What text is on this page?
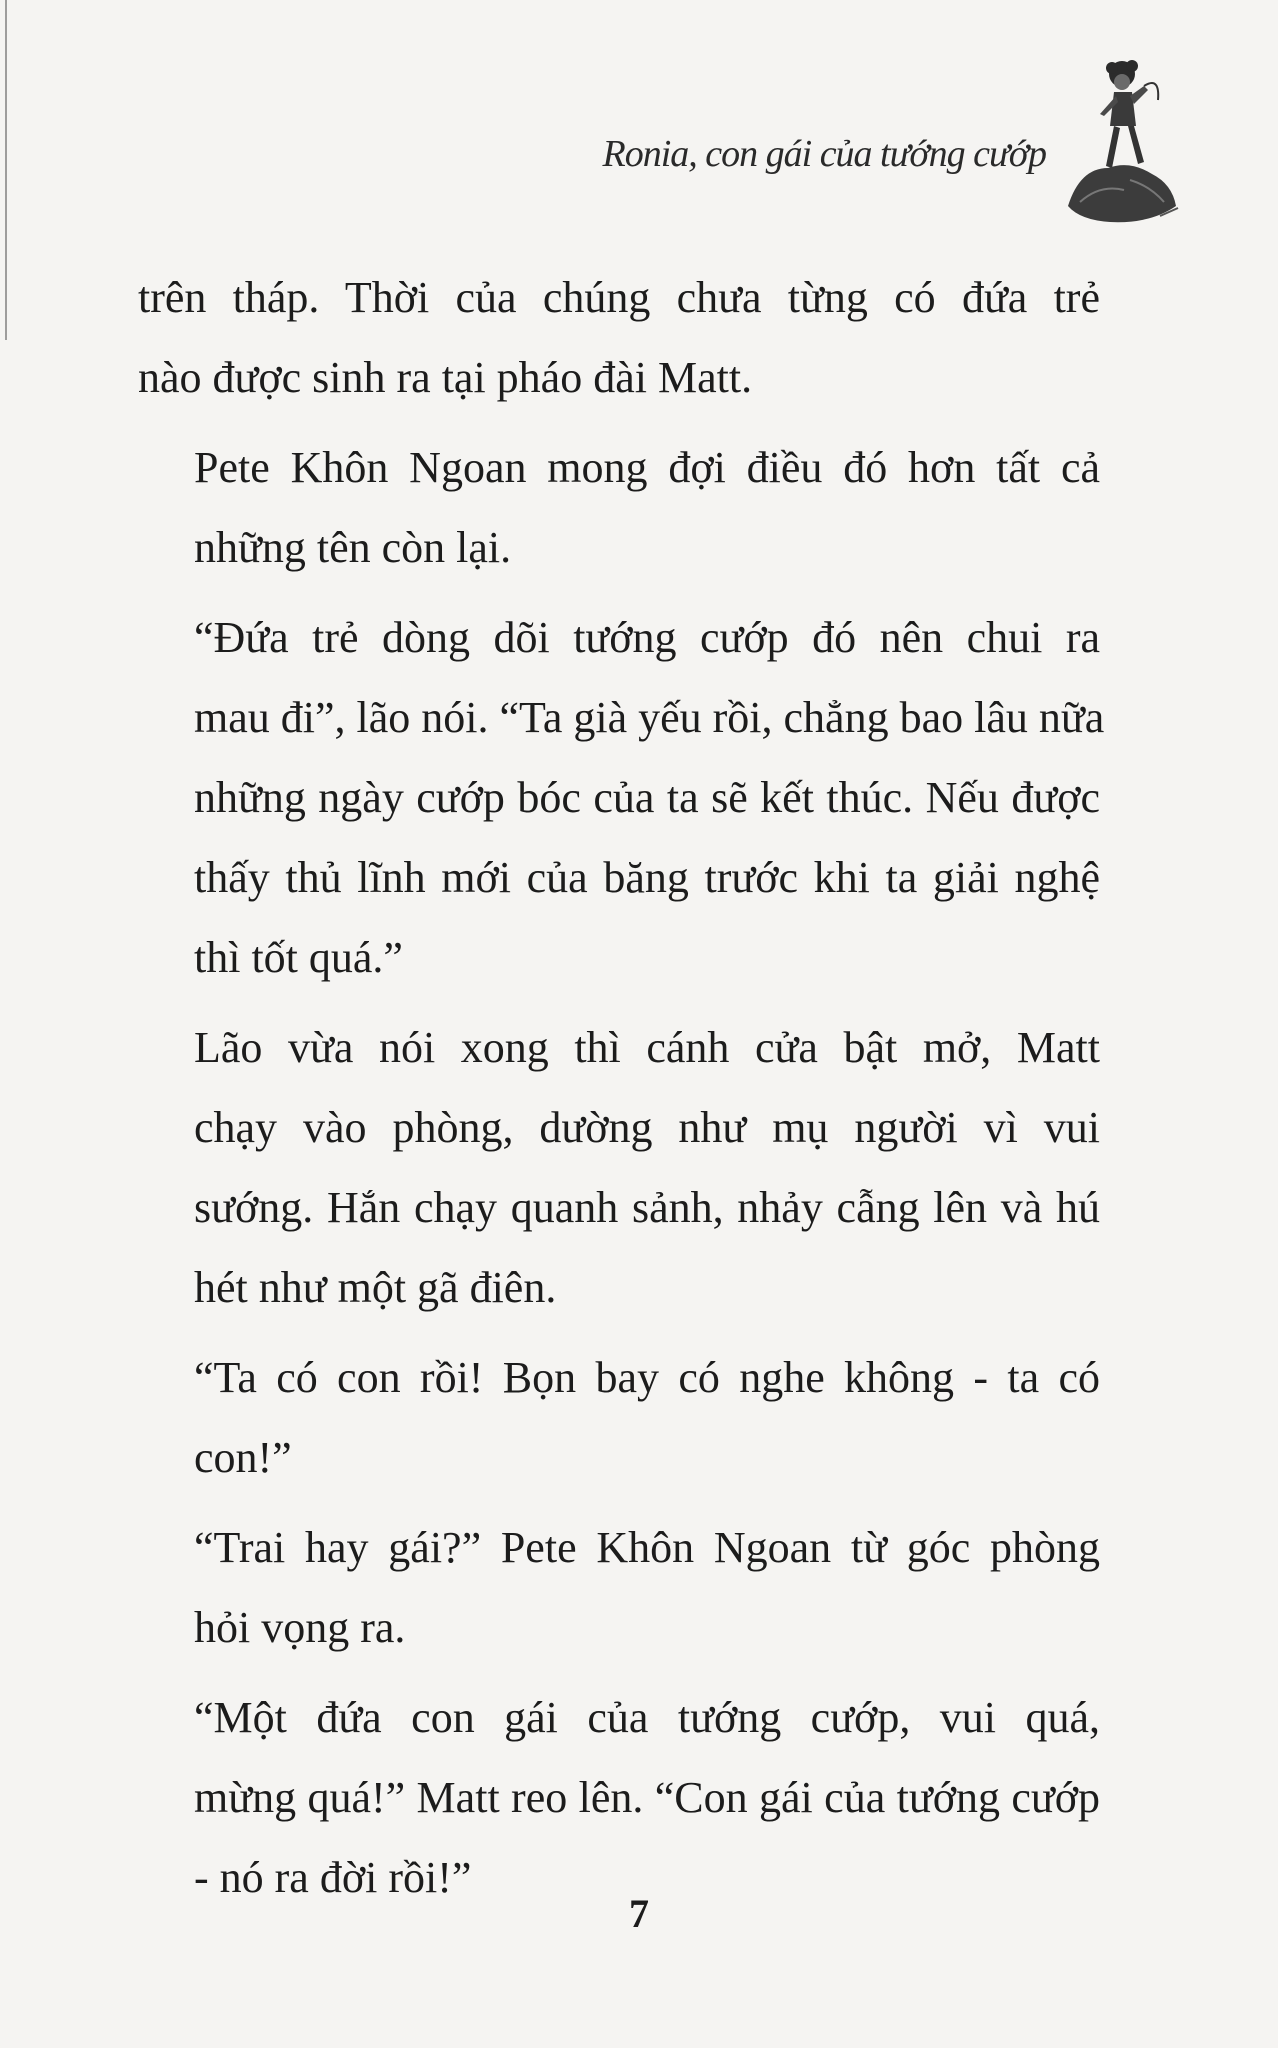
Ronia, con gái của tướng cướp
trên tháp. Thời của chúng chưa từng có đứa trẻ
nào được sinh ra tại pháo đài Matt.
Pete Khôn Ngoan mong đợi điều đó hơn tất cả
những tên còn lại.
“Đứa trẻ dòng dõi tướng cướp đó nên chui ra
mau đi”, lão nói. “Ta già yếu rồi, chẳng bao lâu nữa
những ngày cướp bóc của ta sẽ kết thúc. Nếu được
thấy thủ lĩnh mới của băng trước khi ta giải nghệ
thì tốt quá.”
Lão vừa nói xong thì cánh cửa bật mở, Matt
chạy vào phòng, dường như mụ người vì vui
sướng. Hắn chạy quanh sảnh, nhảy cẫng lên và hú
hét như một gã điên.
“Ta có con rồi! Bọn bay có nghe không - ta có
con!”
“Trai hay gái?” Pete Khôn Ngoan từ góc phòng
hỏi vọng ra.
“Một đứa con gái của tướng cướp, vui quá,
mừng quá!” Matt reo lên. “Con gái của tướng cướp
- nó ra đời rồi!”
7
